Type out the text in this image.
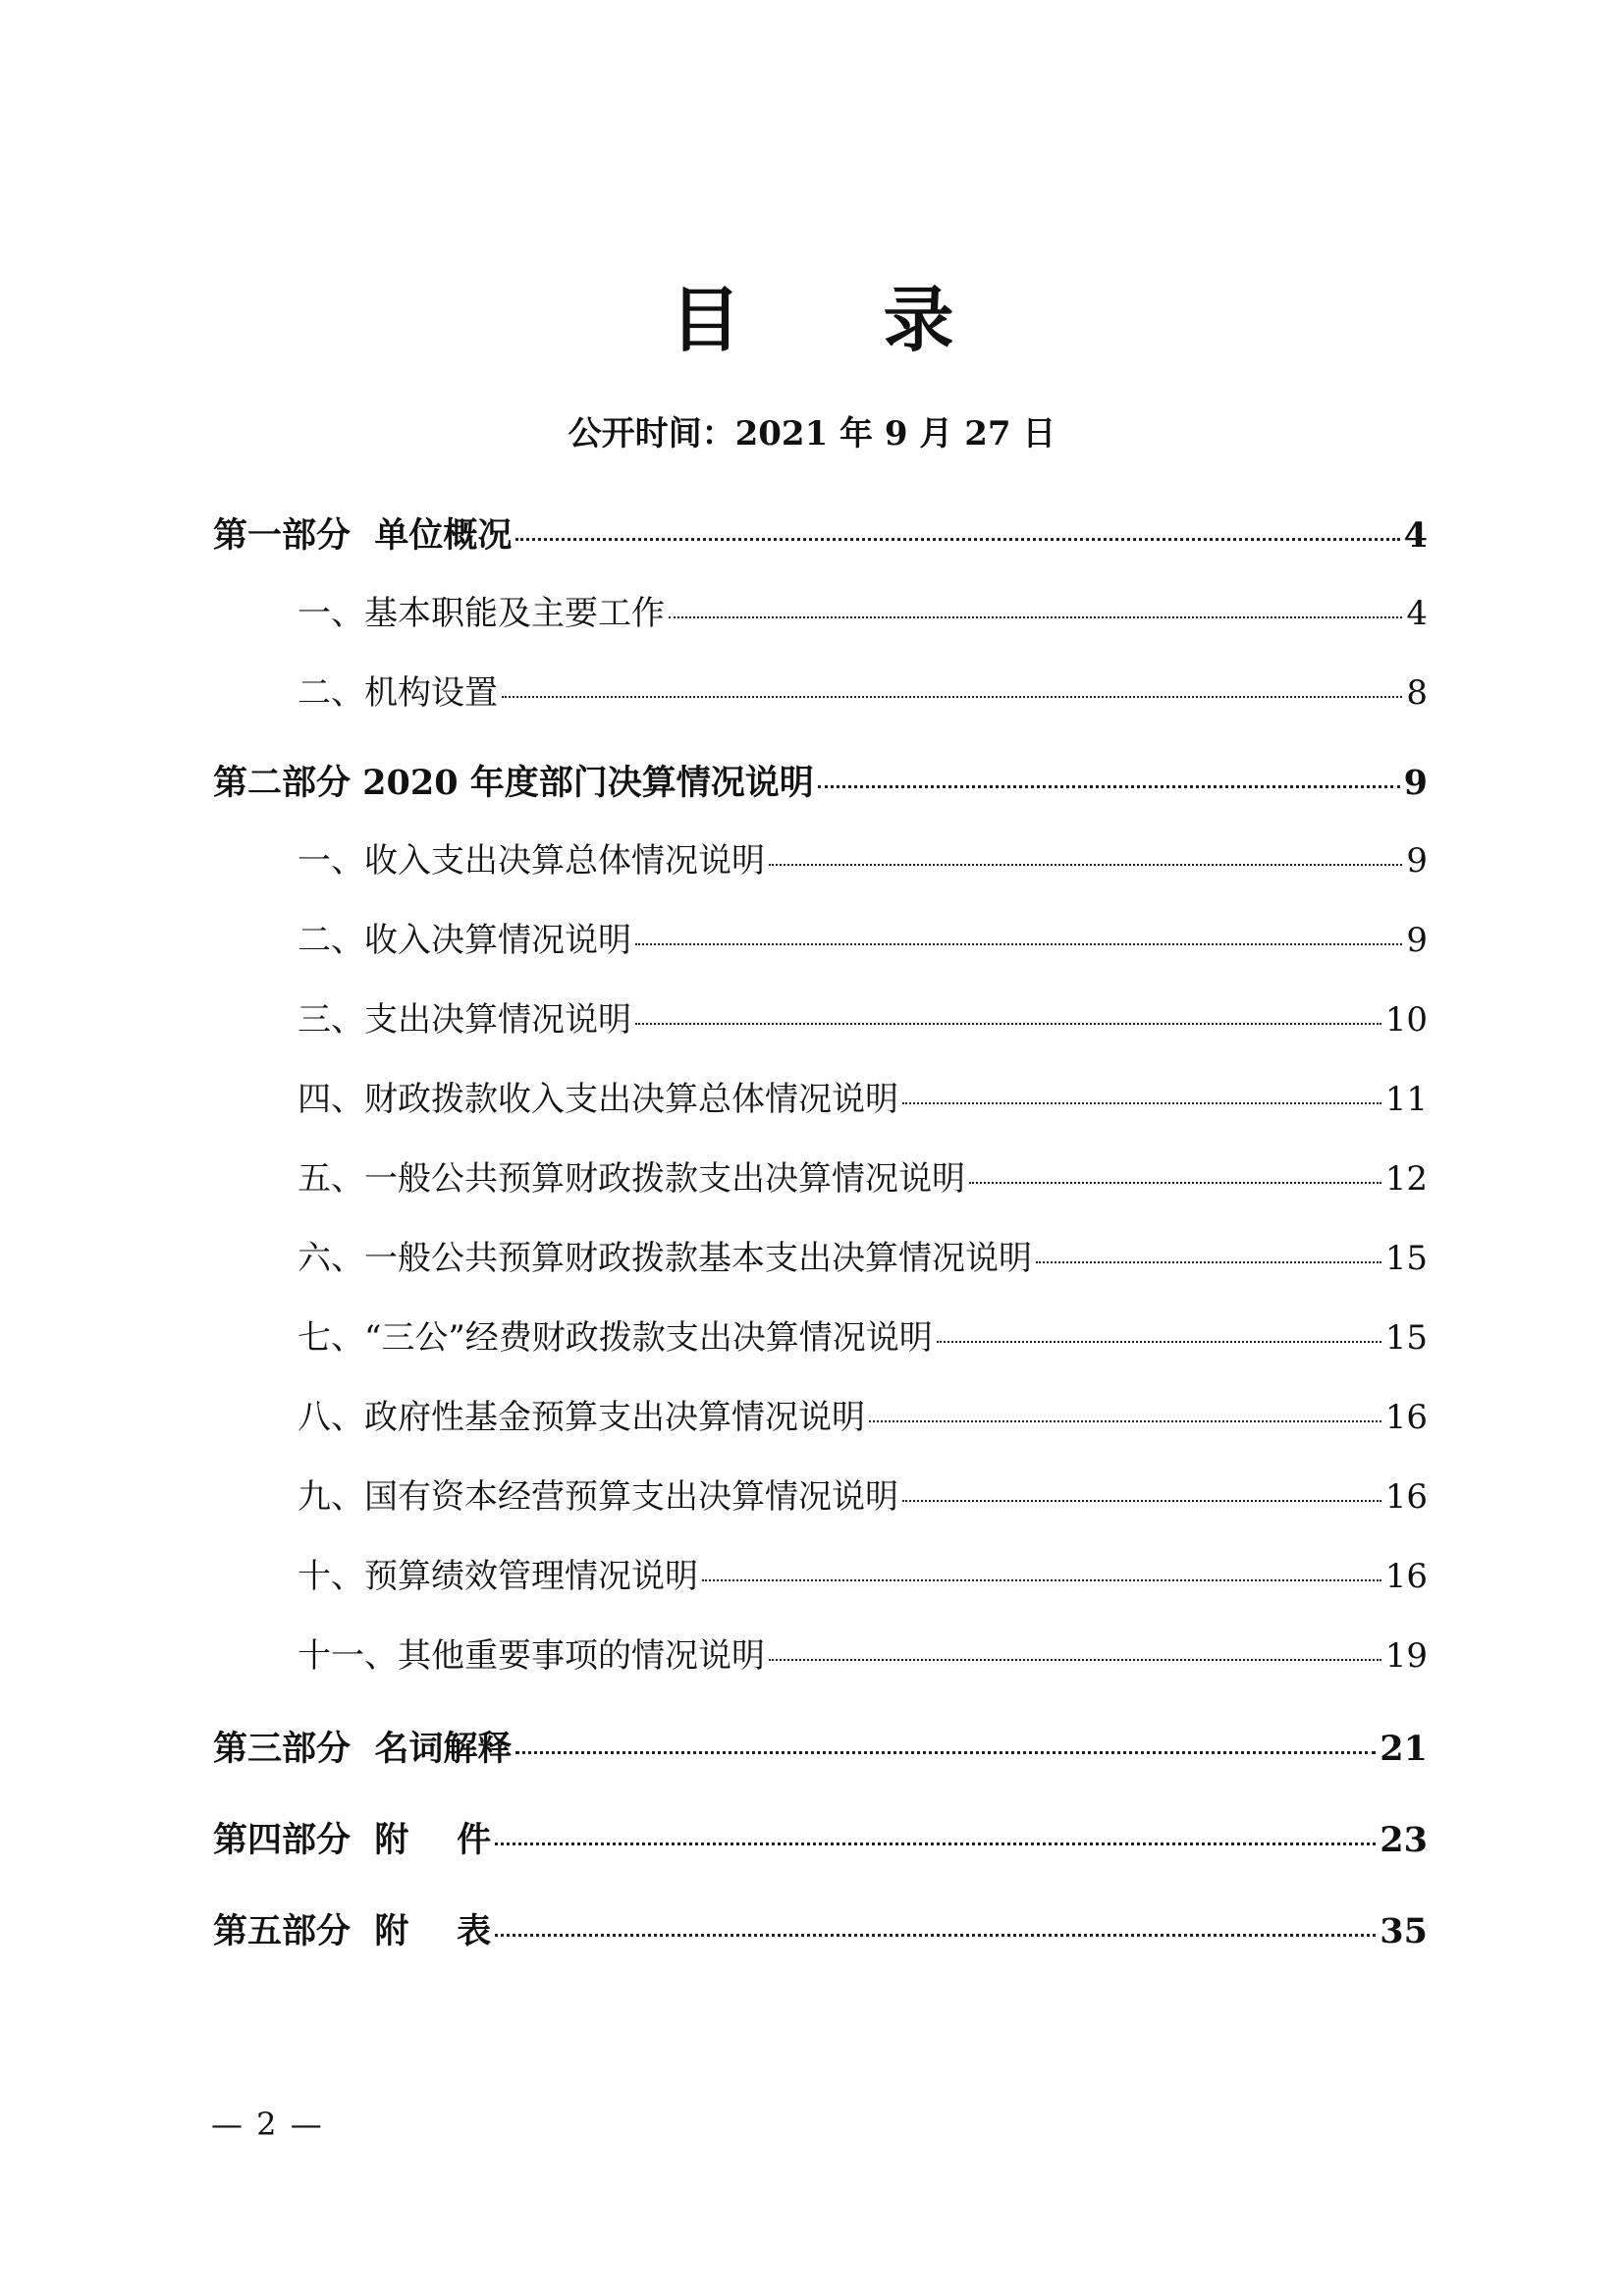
目 录
公开时间：2021 年 9 月 27 日
第一部分  单位概况	4
一、基本职能及主要工作	4
二、机构设置	8
第二部分 2020 年度部门决算情况说明	9
一、收入支出决算总体情况说明	9
二、收入决算情况说明	9
三、支出决算情况说明	10
四、财政拨款收入支出决算总体情况说明	11
五、一般公共预算财政拨款支出决算情况说明	12
六、一般公共预算财政拨款基本支出决算情况说明	15
七、“三公”经费财政拨款支出决算情况说明	15
八、政府性基金预算支出决算情况说明	16
九、国有资本经营预算支出决算情况说明	16
十、预算绩效管理情况说明	16
十一、其他重要事项的情况说明	19
第三部分  名词解释	21
第四部分  附    件	23
第五部分  附    表	35
— 2 —
